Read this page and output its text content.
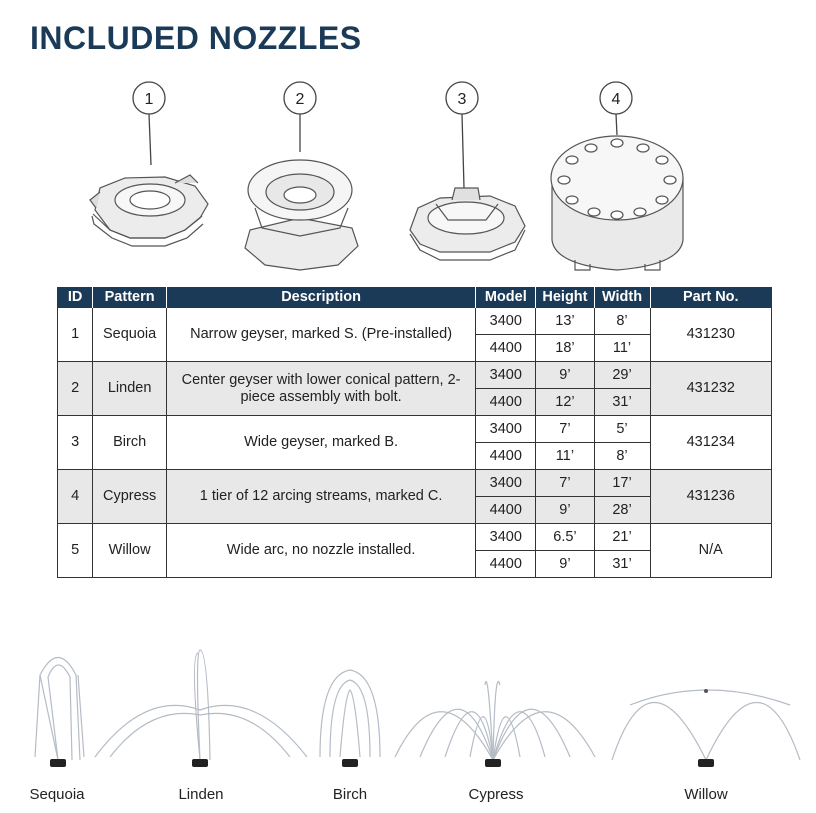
INCLUDED NOZZLES
1	2	3	4
ID	Pattern	Description	Model	Height	Width	Part No.
1	Sequoia	Narrow geyser, marked S. (Pre-installed)	3400	13’	8’	431230
			4400	18’	11’	
2	Linden	Center geyser with lower conical pattern, 2-piece assembly with bolt.	3400	9’	29’	431232
			4400	12’	31’	
3	Birch	Wide geyser, marked B.	3400	7’	5’	431234
			4400	11’	8’	
4	Cypress	1 tier of 12 arcing streams, marked C.	3400	7’	17’	431236
			4400	9’	28’	
5	Willow	Wide arc, no nozzle installed.	3400	6.5’	21’	N/A
			4400	9’	31’	
Sequoia	Linden	Birch	Cypress	Willow
